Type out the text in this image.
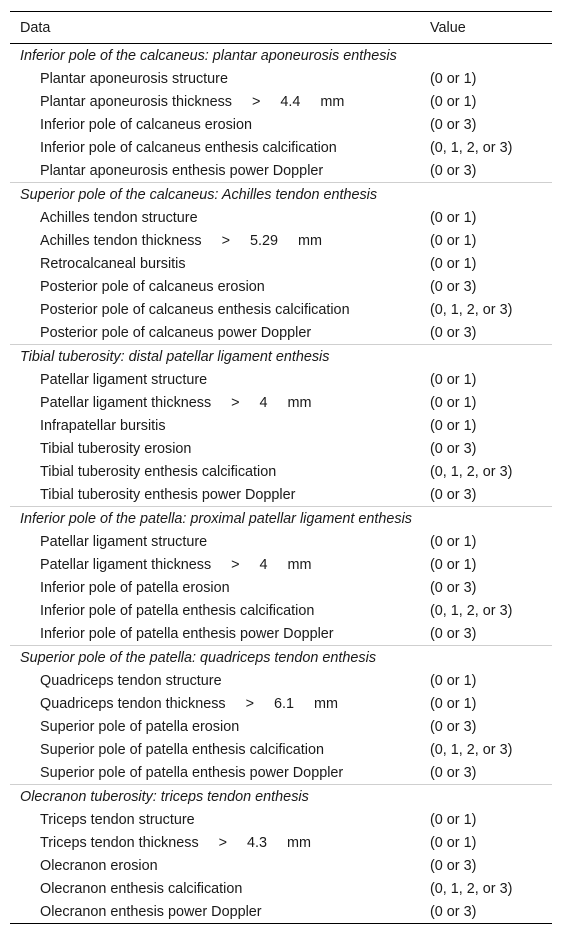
Data	Value
Inferior pole of the calcaneus: plantar aponeurosis enthesis	
Plantar aponeurosis structure	(0 or 1)
Plantar aponeurosis thickness     >     4.4     mm	(0 or 1)
Inferior pole of calcaneus erosion	(0 or 3)
Inferior pole of calcaneus enthesis calcification	(0, 1, 2, or 3)
Plantar aponeurosis enthesis power Doppler	(0 or 3)
Superior pole of the calcaneus: Achilles tendon enthesis	
Achilles tendon structure	(0 or 1)
Achilles tendon thickness     >     5.29     mm	(0 or 1)
Retrocalcaneal bursitis	(0 or 1)
Posterior pole of calcaneus erosion	(0 or 3)
Posterior pole of calcaneus enthesis calcification	(0, 1, 2, or 3)
Posterior pole of calcaneus power Doppler	(0 or 3)
Tibial tuberosity: distal patellar ligament enthesis	
Patellar ligament structure	(0 or 1)
Patellar ligament thickness     >     4     mm	(0 or 1)
Infrapatellar bursitis	(0 or 1)
Tibial tuberosity erosion	(0 or 3)
Tibial tuberosity enthesis calcification	(0, 1, 2, or 3)
Tibial tuberosity enthesis power Doppler	(0 or 3)
Inferior pole of the patella: proximal patellar ligament enthesis	
Patellar ligament structure	(0 or 1)
Patellar ligament thickness     >     4     mm	(0 or 1)
Inferior pole of patella erosion	(0 or 3)
Inferior pole of patella enthesis calcification	(0, 1, 2, or 3)
Inferior pole of patella enthesis power Doppler	(0 or 3)
Superior pole of the patella: quadriceps tendon enthesis	
Quadriceps tendon structure	(0 or 1)
Quadriceps tendon thickness     >     6.1     mm	(0 or 1)
Superior pole of patella erosion	(0 or 3)
Superior pole of patella enthesis calcification	(0, 1, 2, or 3)
Superior pole of patella enthesis power Doppler	(0 or 3)
Olecranon tuberosity: triceps tendon enthesis	
Triceps tendon structure	(0 or 1)
Triceps tendon thickness     >     4.3     mm	(0 or 1)
Olecranon erosion	(0 or 3)
Olecranon enthesis calcification	(0, 1, 2, or 3)
Olecranon enthesis power Doppler	(0 or 3)
